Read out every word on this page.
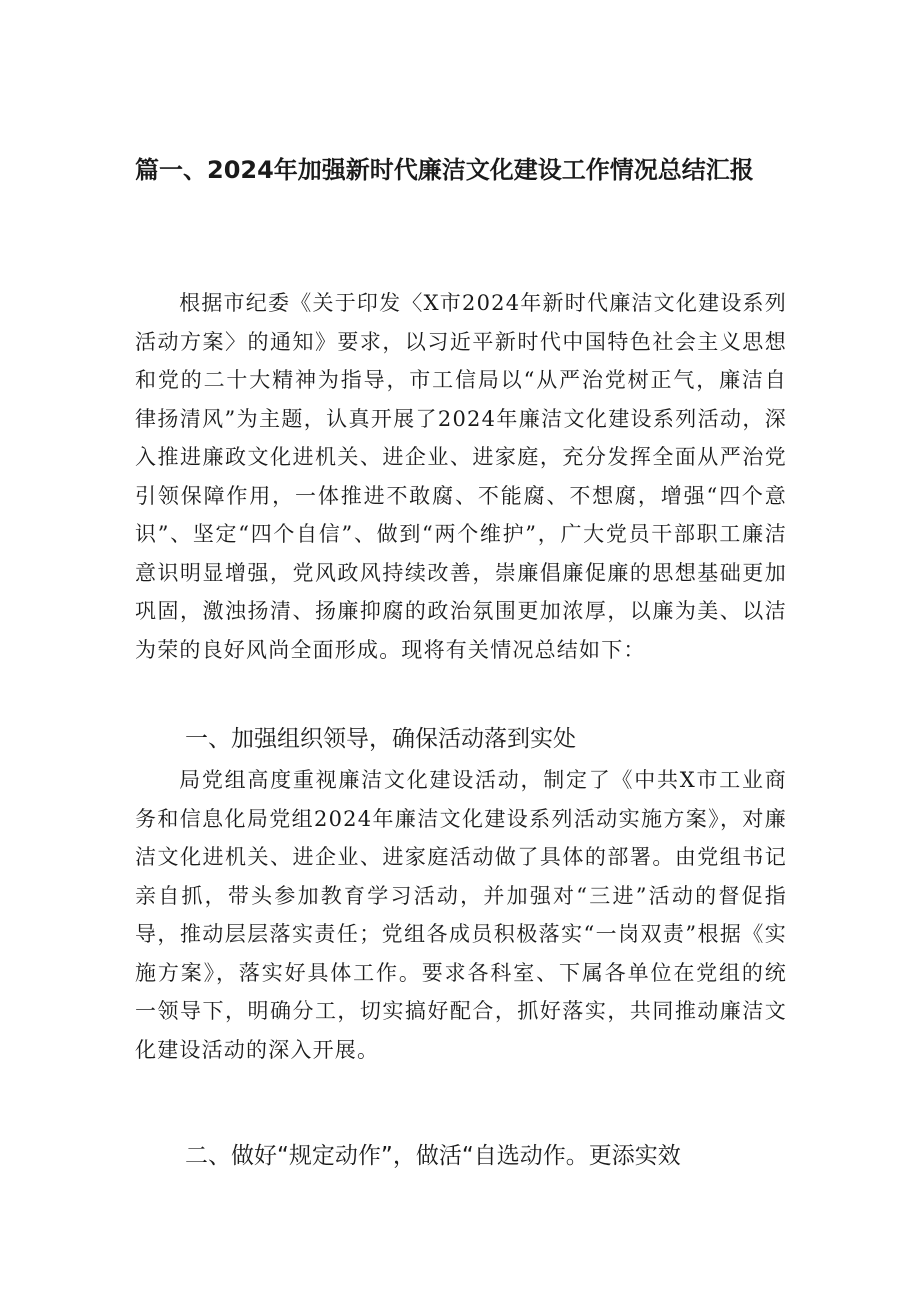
篇一、2024年加强新时代廉洁文化建设工作情况总结汇报

根据市纪委《关于印发〈X市2024年新时代廉洁文化建设系列活动方案〉的通知》要求，以习近平新时代中国特色社会主义思想和党的二十大精神为指导，市工信局以“从严治党树正气，廉洁自律扬清风”为主题，认真开展了2024年廉洁文化建设系列活动，深入推进廉政文化进机关、进企业、进家庭，充分发挥全面从严治党引领保障作用，一体推进不敢腐、不能腐、不想腐，增强“四个意识”、坚定“四个自信”、做到“两个维护”，广大党员干部职工廉洁意识明显增强，党风政风持续改善，崇廉倡廉促廉的思想基础更加巩固，激浊扬清、扬廉抑腐的政治氛围更加浓厚，以廉为美、以洁为荣的良好风尚全面形成。现将有关情况总结如下：

一、加强组织领导，确保活动落到实处

局党组高度重视廉洁文化建设活动，制定了《中共X市工业商务和信息化局党组2024年廉洁文化建设系列活动实施方案》，对廉洁文化进机关、进企业、进家庭活动做了具体的部署。由党组书记亲自抓，带头参加教育学习活动，并加强对“三进”活动的督促指导，推动层层落实责任；党组各成员积极落实“一岗双责”根据《实施方案》，落实好具体工作。要求各科室、下属各单位在党组的统一领导下，明确分工，切实搞好配合，抓好落实，共同推动廉洁文化建设活动的深入开展。

二、做好“规定动作”，做活“自选动作。更添实效
